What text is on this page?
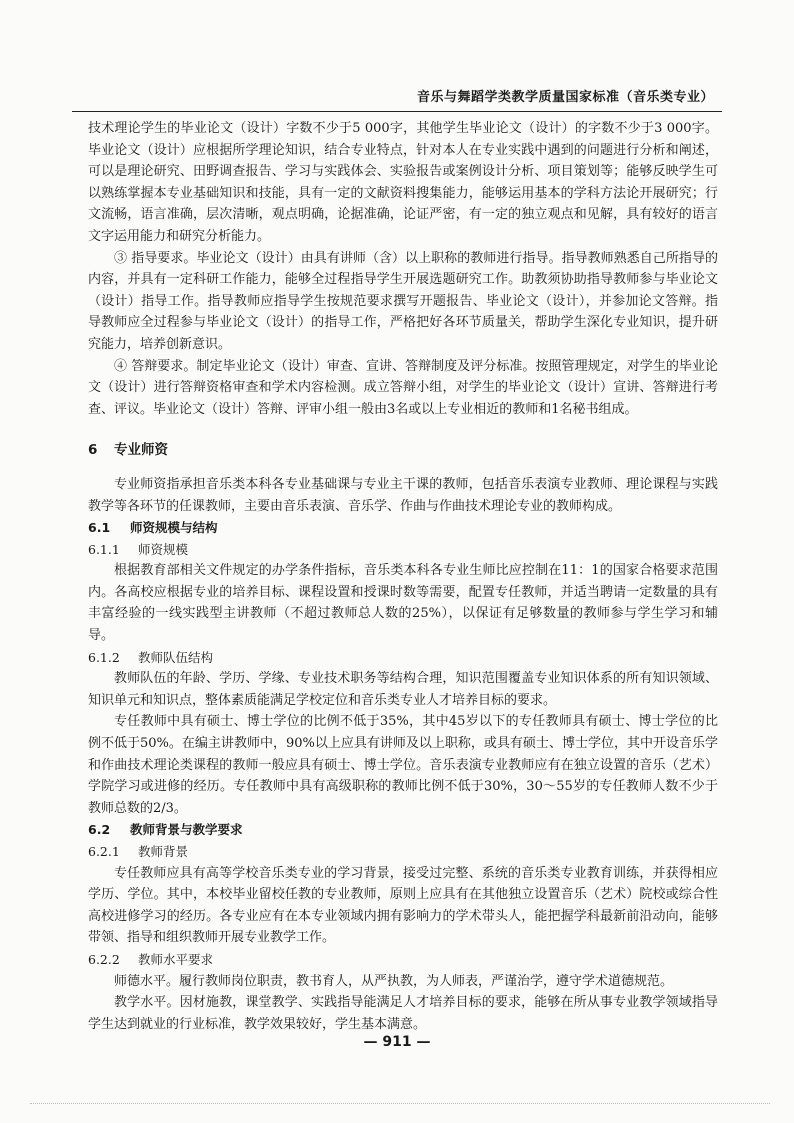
音乐与舞蹈学类教学质量国家标准（音乐类专业）

技术理论学生的毕业论文（设计）字数不少于5 000字，其他学生毕业论文（设计）的字数不少于3 000字。毕业论文（设计）应根据所学理论知识，结合专业特点，针对本人在专业实践中遇到的问题进行分析和阐述，可以是理论研究、田野调查报告、学习与实践体会、实验报告或案例设计分析、项目策划等；能够反映学生可以熟练掌握本专业基础知识和技能，具有一定的文献资料搜集能力，能够运用基本的学科方法论开展研究；行文流畅，语言准确，层次清晰，观点明确，论据准确，论证严密，有一定的独立观点和见解，具有较好的语言文字运用能力和研究分析能力。

③ 指导要求。毕业论文（设计）由具有讲师（含）以上职称的教师进行指导。指导教师熟悉自己所指导的内容，并具有一定科研工作能力，能够全过程指导学生开展选题研究工作。助教须协助指导教师参与毕业论文（设计）指导工作。指导教师应指导学生按规范要求撰写开题报告、毕业论文（设计），并参加论文答辩。指导教师应全过程参与毕业论文（设计）的指导工作，严格把好各环节质量关，帮助学生深化专业知识，提升研究能力，培养创新意识。

④ 答辩要求。制定毕业论文（设计）审查、宣讲、答辩制度及评分标准。按照管理规定，对学生的毕业论文（设计）进行答辩资格审查和学术内容检测。成立答辩小组，对学生的毕业论文（设计）宣讲、答辩进行考查、评议。毕业论文（设计）答辩、评审小组一般由3名或以上专业相近的教师和1名秘书组成。

6 专业师资

专业师资指承担音乐类本科各专业基础课与专业主干课的教师，包括音乐表演专业教师、理论课程与实践教学等各环节的任课教师，主要由音乐表演、音乐学、作曲与作曲技术理论专业的教师构成。

6.1 师资规模与结构
6.1.1 师资规模

根据教育部相关文件规定的办学条件指标，音乐类本科各专业生师比应控制在11：1的国家合格要求范围内。各高校应根据专业的培养目标、课程设置和授课时数等需要，配置专任教师，并适当聘请一定数量的具有丰富经验的一线实践型主讲教师（不超过教师总人数的25%），以保证有足够数量的教师参与学生学习和辅导。

6.1.2 教师队伍结构

教师队伍的年龄、学历、学缘、专业技术职务等结构合理，知识范围覆盖专业知识体系的所有知识领域、知识单元和知识点，整体素质能满足学校定位和音乐类专业人才培养目标的要求。

专任教师中具有硕士、博士学位的比例不低于35%，其中45岁以下的专任教师具有硕士、博士学位的比例不低于50%。在编主讲教师中，90%以上应具有讲师及以上职称，或具有硕士、博士学位，其中开设音乐学和作曲技术理论类课程的教师一般应具有硕士、博士学位。音乐表演专业教师应有在独立设置的音乐（艺术）学院学习或进修的经历。专任教师中具有高级职称的教师比例不低于30%，30～55岁的专任教师人数不少于教师总数的2/3。

6.2 教师背景与教学要求
6.2.1 教师背景

专任教师应具有高等学校音乐类专业的学习背景，接受过完整、系统的音乐类专业教育训练，并获得相应学历、学位。其中，本校毕业留校任教的专业教师，原则上应具有在其他独立设置音乐（艺术）院校或综合性高校进修学习的经历。各专业应有在本专业领域内拥有影响力的学术带头人，能把握学科最新前沿动向，能够带领、指导和组织教师开展专业教学工作。

6.2.2 教师水平要求

师德水平。履行教师岗位职责，教书育人，从严执教，为人师表，严谨治学，遵守学术道德规范。

教学水平。因材施教，课堂教学、实践指导能满足人才培养目标的要求，能够在所从事专业教学领域指导学生达到就业的行业标准，教学效果较好，学生基本满意。

— 911 —
